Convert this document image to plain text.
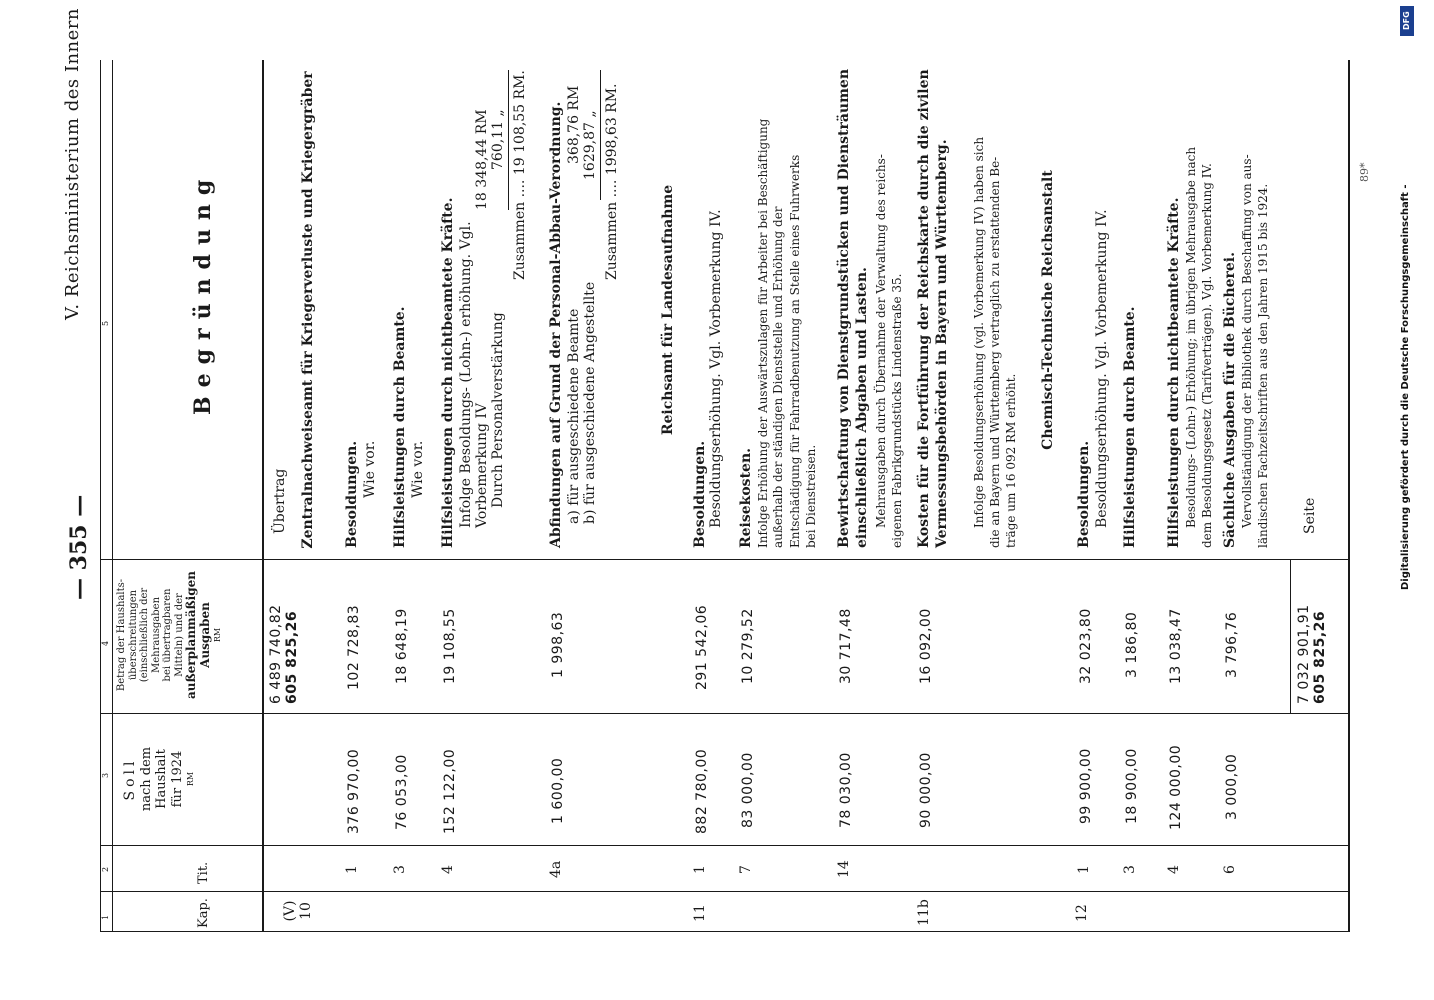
— 355 —
V. Reichsministerium des Innern
1
2
3
4
5
Kap.
Tit.
Soll nach dem Haushalt für 1924 RM
Betrag der Haushalts- überschreitungen (einschließlich der Mehrausgaben bei übertragbaren Mitteln) und der außerplanmäßigen Ausgaben RM
Begründung
6 489 740,82 605 825,26
Übertrag
(V) 10
Zentralnachweiseamt für Kriegerverluste und Kriegergräber
1
376 970,00
102 728,83
Besoldungen. Wie vor.
3
76 053,00
18 648,19
Hilfsleistungen durch Beamte. Wie vor.
4
152 122,00
19 108,55
Hilfsleistungen durch nichtbeamtete Kräfte. Infolge Besoldungs- (Lohn-) erhöhung. Vgl. Vorbemerkung IV
18 348,44 RM
Durch Personalverstärkung
760,11 „ Zusammen .... 19 108,55 RM.
4a
1 600,00
1 998,63
Abfindungen auf Grund der Personal-Abbau-Verordnung. a) für ausgeschiedene Beamte
368,76 RM
b) für ausgeschiedene Angestellte
1629,87 „ Zusammen .... 1998,63 RM.
Reichsamt für Landesaufnahme
11
1
882 780,00
291 542,06
Besoldungen. Besoldungserhöhung. Vgl. Vorbemerkung IV.
7
83 000,00
10 279,52
Reisekosten. Infolge Erhöhung der Auswärtszulagen für Arbeiter bei Beschäftigung außerhalb der ständigen Dienststelle und Erhöhung der Entschädigung für Fahrradbenutzung an Stelle eines Fuhrwerks bei Dienstreisen.
14
78 030,00
30 717,48
Bewirtschaftung von Dienstgrundstücken und Diensträumen einschließlich Abgaben und Lasten. Mehrausgaben durch Übernahme der Verwaltung des reichs- eigenen Fabrikgrundstücks Lindenstraße 35.
11b
90 000,00
16 092,00
Kosten für die Fortführung der Reichskarte durch die zivilen Vermessungsbehörden in Bayern und Württemberg. Infolge Besoldungserhöhung (vgl. Vorbemerkung IV) haben sich die an Bayern und Württemberg vertraglich zu erstattenden Be- träge um 16 092 RM erhöht.
Chemisch-Technische Reichsanstalt
12
1
99 900,00
32 023,80
Besoldungen. Besoldungserhöhung. Vgl. Vorbemerkung IV.
3
18 900,00
3 186,80
Hilfsleistungen durch Beamte.
4
124 000,00
13 038,47
Hilfsleistungen durch nichtbeamtete Kräfte. Besoldungs- (Lohn-) Erhöhung; im übrigen Mehrausgabe nach dem Besoldungsgesetz (Tarifverträgen). Vgl. Vorbemerkung IV.
6
3 000,00
3 796,76
Sächliche Ausgaben für die Bücherei. Vervollständigung der Bibliothek durch Beschaffung von aus- ländischen Fachzeitschriften aus den Jahren 1915 bis 1924.
7 032 901,91 605 825,26
Seite
89*
DFG
Digitalisierung gefördert durch die Deutsche Forschungsgemeinschaft -
